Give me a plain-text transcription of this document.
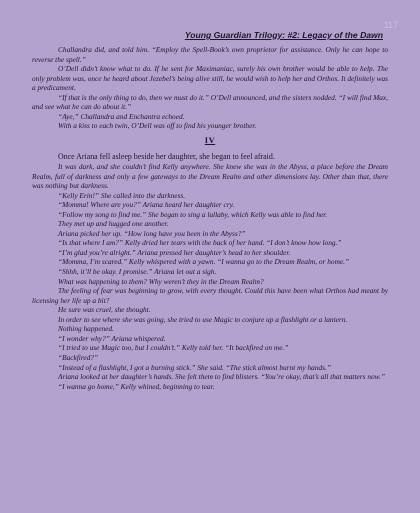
117
Young Guardian Trilogy: #2: Legacy of the Dawn

Challandra did, and told him. “Employ the Spell-Book’s own proprietor for assistance. Only he can hope to reverse the spell.”

O’Dell didn’t know what to do. If he sent for Maximaniac, surely his own brother would be able to help. The only problem was, once he heard about Jezebel’s being alive still, he would wish to help her and Orthos. It definitely was a predicament.

“If that is the only thing to do, then we must do it.” O’Dell announced, and the sisters nodded. “I will find Max, and see what he can do about it.”

“Aye,” Challandra and Enchantra echoed.

With a kiss to each twin, O’Dell was off to find his younger brother.

IV

Once Ariana fell asleep beside her daughter, she began to feel afraid.

It was dark, and she couldn’t find Kelly anywhere. She knew she was in the Abyss, a place before the Dream Realm, full of darkness and only a few gateways to the Dream Realm and other dimensions lay. Other than that, there was nothing but darkness.

“Kelly Erin!” She called into the darkness.

“Momma! Where are you?” Ariana heard her daughter cry.

“Follow my song to find me.” She began to sing a lullaby, which Kelly was able to find her.

They met up and hugged one another.

Ariana picked her up. “How long have you been in the Abyss?”

“Is that where I am?” Kelly dried her tears with the back of her hand. “I don’t know how long.”

“I’m glad you’re alright.” Ariana pressed her daughter’s head to her shoulder.

“Momma, I’m scared.” Kelly whispered with a yawn. “I wanna go to the Dream Realm, or home.”

“Shhh, it’ll be okay. I promise.” Ariana let out a sigh.

What was happening to them? Why weren’t they in the Dream Realm?

The feeling of fear was beginning to grow, with every thought. Could this have been what Orthos had meant by licensing her life up a bit?

He sure was cruel, she thought.

In order to see where she was going, she tried to use Magic to conjure up a flashlight or a lantern.

Nothing happened.

“I wonder why?” Ariana whispered.

“I tried to use Magic too, but I couldn’t.” Kelly told her. “It backfired on me.”

“Backfired?”

“Instead of a flashlight, I got a burning stick.” She said. “The stick almost burnt my hands.”

Ariana looked at her daughter’s hands. She felt them to find blisters. “You’re okay, that’s all that matters now.”

“I wanna go home,” Kelly whined, beginning to tear.
